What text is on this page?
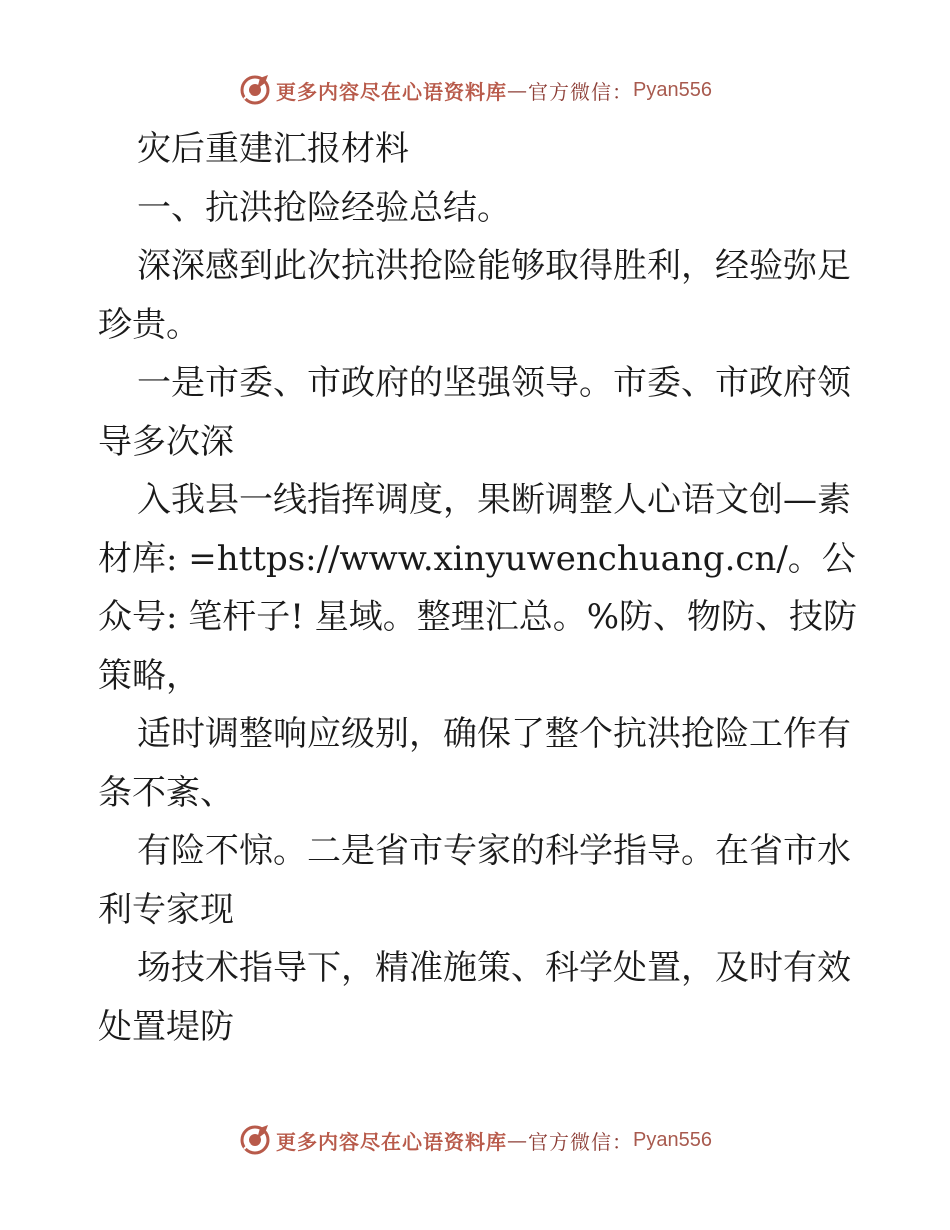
更多内容尽在心语资料库 — 官方微信： Pyan556

灾后重建汇报材料

一、抗洪抢险经验总结。

深深感到此次抗洪抢险能够取得胜利，经验弥足珍贵。

一是市委、市政府的坚强领导。市委、市政府领导多次深

入我县一线指挥调度，果断调整人心语文创—素材库: =https://www.xinyuwenchuang.cn/。公众号: 笔杆子! 星域。整理汇总。%防、物防、技防策略，

适时调整响应级别，确保了整个抗洪抢险工作有条不紊、

有险不惊。二是省市专家的科学指导。在省市水利专家现

场技术指导下，精准施策、科学处置，及时有效处置堤防

更多内容尽在心语资料库 — 官方微信： Pyan556
